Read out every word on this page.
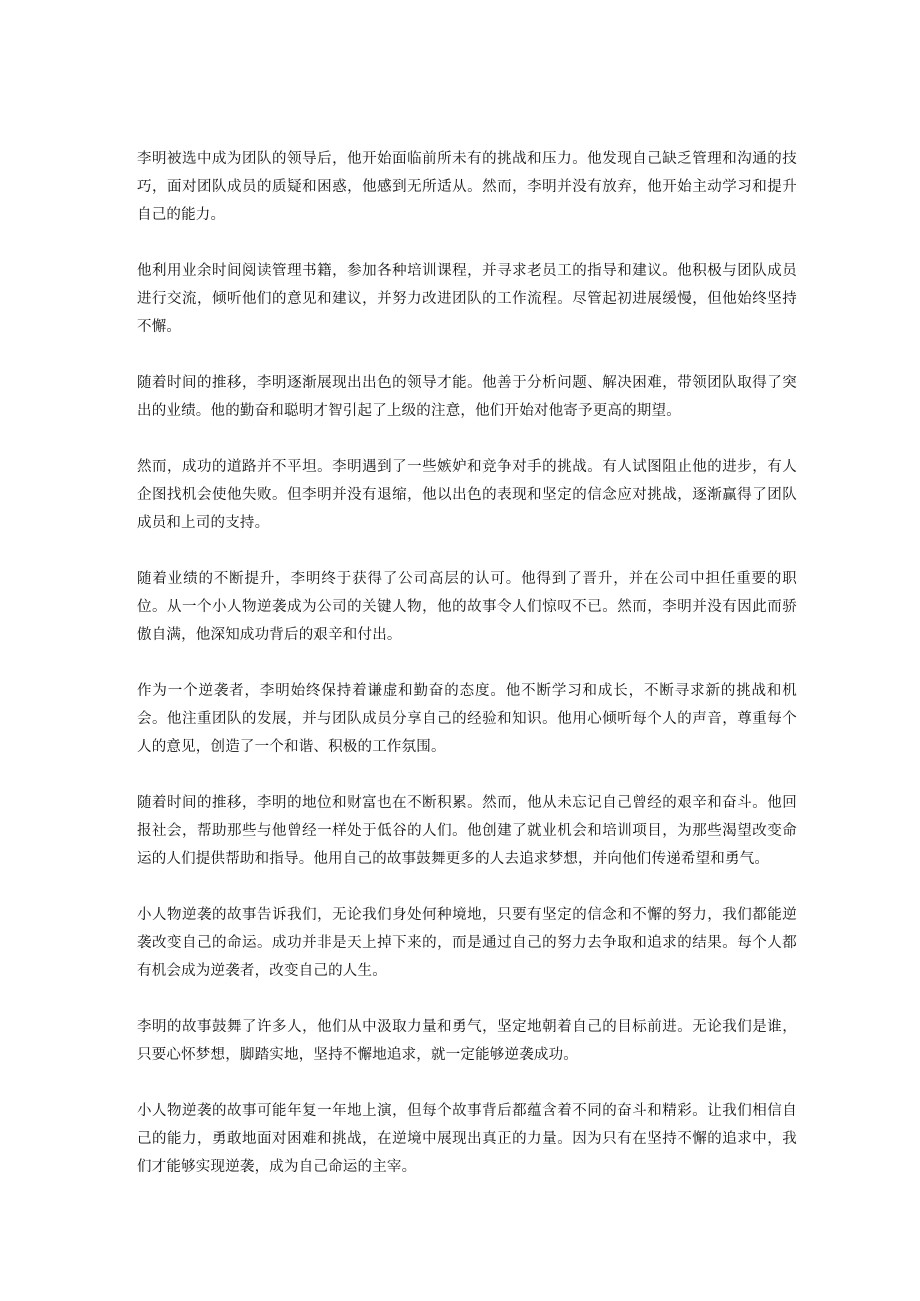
李明被选中成为团队的领导后，他开始面临前所未有的挑战和压力。他发现自己缺乏管理和沟通的技巧，面对团队成员的质疑和困惑，他感到无所适从。然而，李明并没有放弃，他开始主动学习和提升自己的能力。

他利用业余时间阅读管理书籍，参加各种培训课程，并寻求老员工的指导和建议。他积极与团队成员进行交流，倾听他们的意见和建议，并努力改进团队的工作流程。尽管起初进展缓慢，但他始终坚持不懈。

随着时间的推移，李明逐渐展现出出色的领导才能。他善于分析问题、解决困难，带领团队取得了突出的业绩。他的勤奋和聪明才智引起了上级的注意，他们开始对他寄予更高的期望。

然而，成功的道路并不平坦。李明遇到了一些嫉妒和竞争对手的挑战。有人试图阻止他的进步，有人企图找机会使他失败。但李明并没有退缩，他以出色的表现和坚定的信念应对挑战，逐渐赢得了团队成员和上司的支持。

随着业绩的不断提升，李明终于获得了公司高层的认可。他得到了晋升，并在公司中担任重要的职位。从一个小人物逆袭成为公司的关键人物，他的故事令人们惊叹不已。然而，李明并没有因此而骄傲自满，他深知成功背后的艰辛和付出。

作为一个逆袭者，李明始终保持着谦虚和勤奋的态度。他不断学习和成长，不断寻求新的挑战和机会。他注重团队的发展，并与团队成员分享自己的经验和知识。他用心倾听每个人的声音，尊重每个人的意见，创造了一个和谐、积极的工作氛围。

随着时间的推移，李明的地位和财富也在不断积累。然而，他从未忘记自己曾经的艰辛和奋斗。他回报社会，帮助那些与他曾经一样处于低谷的人们。他创建了就业机会和培训项目，为那些渴望改变命运的人们提供帮助和指导。他用自己的故事鼓舞更多的人去追求梦想，并向他们传递希望和勇气。

小人物逆袭的故事告诉我们，无论我们身处何种境地，只要有坚定的信念和不懈的努力，我们都能逆袭改变自己的命运。成功并非是天上掉下来的，而是通过自己的努力去争取和追求的结果。每个人都有机会成为逆袭者，改变自己的人生。

李明的故事鼓舞了许多人，他们从中汲取力量和勇气，坚定地朝着自己的目标前进。无论我们是谁，只要心怀梦想，脚踏实地，坚持不懈地追求，就一定能够逆袭成功。

小人物逆袭的故事可能年复一年地上演，但每个故事背后都蕴含着不同的奋斗和精彩。让我们相信自己的能力，勇敢地面对困难和挑战，在逆境中展现出真正的力量。因为只有在坚持不懈的追求中，我们才能够实现逆袭，成为自己命运的主宰。
